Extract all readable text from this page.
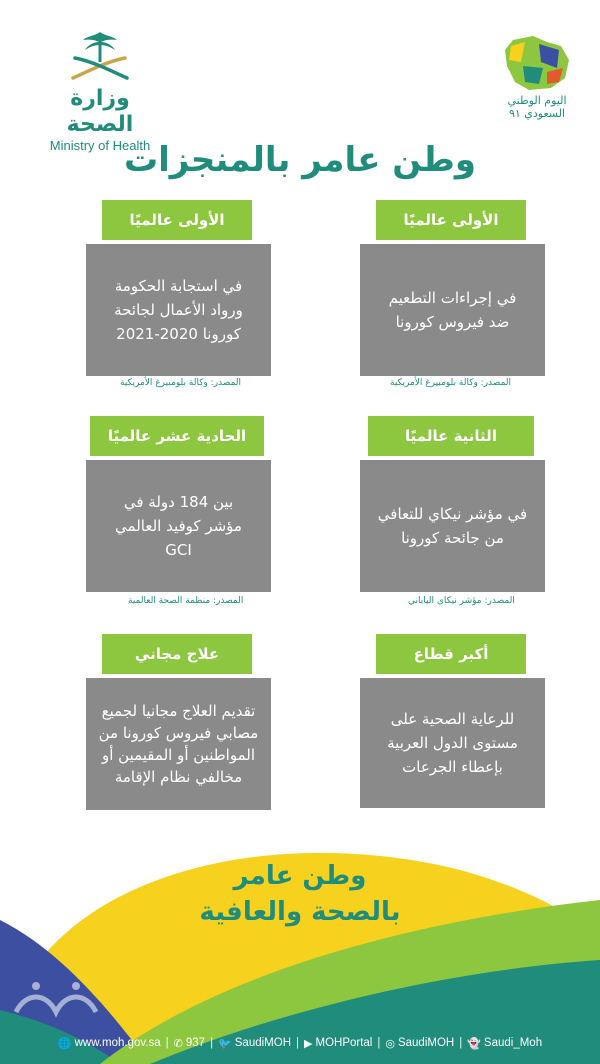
وزارة الصحة
Ministry of Health
اليوم الوطني
السعودي ٩١
وطن عامر بالمنجزات
الأولى عالميًا
في إجراءات التطعيم ضد فيروس كورونا
المصدر: وكالة بلومبيرغ الأمريكية
الأولى عالميًا
في استجابة الحكومة ورواد الأعمال لجائحة كورونا 2020-2021
المصدر: وكالة بلومبيرغ الأمريكية
الثانية عالميًا
في مؤشر نيكاي للتعافي من جائحة كورونا
المصدر: مؤشر نيكاي الياباني
الحادية عشر عالميًا
بين 184 دولة في مؤشر كوفيد العالمي GCI
المصدر: منظمة الصحة العالمية
أكبر قطاع
للرعاية الصحية على مستوى الدول العربية بإعطاء الجرعات
علاج مجاني
تقديم العلاج مجانيا لجميع مصابي فيروس كورونا من المواطنين أو المقيمين أو مخالفي نظام الإقامة
وطن عامر
بالصحة والعافية
🌐 www.moh.gov.sa | ✆ 937 | 🐦 SaudiMOH | ▶ MOHPortal | ◎ SaudiMOH | 👻 Saudi_Moh
